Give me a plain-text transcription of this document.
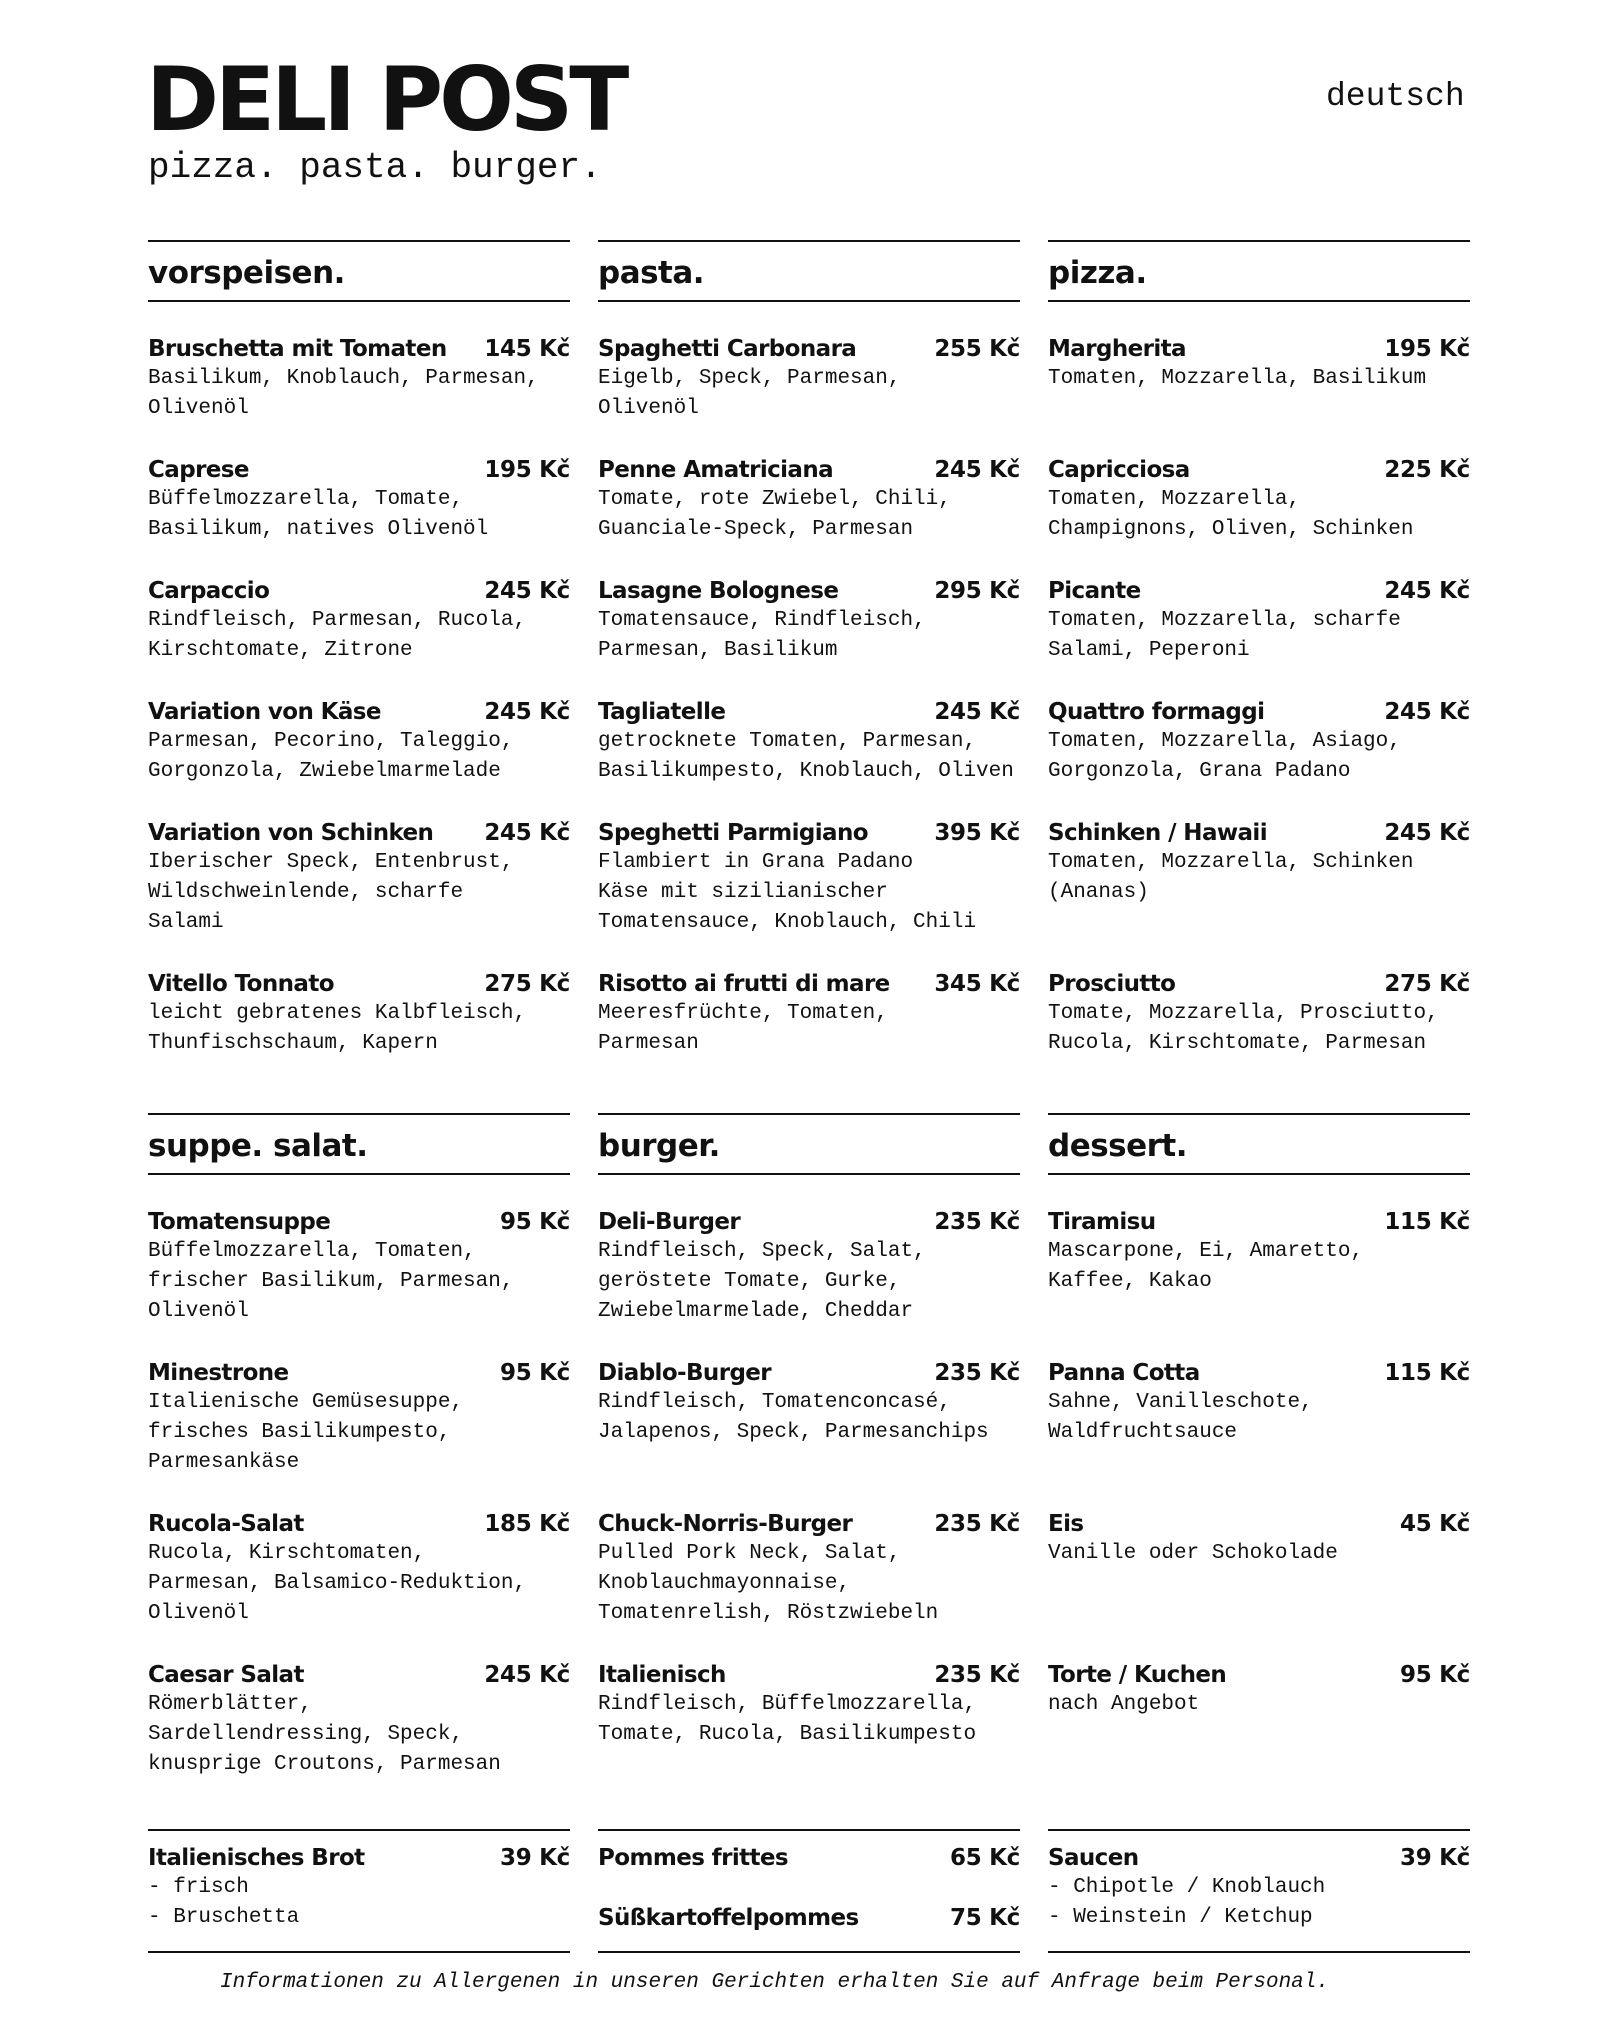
DELI POST
pizza. pasta. burger.
deutsch
vorspeisen.
Bruschetta mit Tomaten 145 Kč

Basilikum, Knoblauch, Parmesan,
Olivenöl

Caprese	195 Kč

Büffelmozzarella, Tomate,
Basilikum, natives Olivenöl

Carpaccio	245 Kč

Rindfleisch, Parmesan, Rucola,
Kirschtomate, Zitrone

Variation von Käse	245 Kč

Parmesan, Pecorino, Taleggio,
Gorgonzola, Zwiebelmarmelade

Variation von Schinken 245 Kč

Iberischer Speck, Entenbrust,
Wildschweinlende, scharfe
Salami

Vitello Tonnato	275 Kč

leicht gebratenes Kalbfleisch,
Thunfischschaum, Kapern

pasta.
Spaghetti Carbonara	255 Kč

Eigelb, Speck, Parmesan,
Olivenöl

Penne Amatriciana	245 Kč

Tomate, rote Zwiebel, Chili,
Guanciale-Speck, Parmesan

Lasagne Bolognese	295 Kč

Tomatensauce, Rindfleisch,
Parmesan, Basilikum

Tagliatelle	245 Kč

getrocknete Tomaten, Parmesan,
Basilikumpesto, Knoblauch, Oliven

Speghetti Parmigiano	395 Kč

Flambiert in Grana Padano
Käse mit sizilianischer
Tomatensauce, Knoblauch, Chili

Risotto ai frutti di mare 345 Kč

Meeresfrüchte, Tomaten,
Parmesan

pizza.
Margherita	195 Kč

Tomaten, Mozzarella, Basilikum

Capricciosa	225 Kč

Tomaten, Mozzarella,
Champignons, Oliven, Schinken

Picante	245 Kč

Tomaten, Mozzarella, scharfe
Salami, Peperoni

Quattro formaggi	245 Kč

Tomaten, Mozzarella, Asiago,
Gorgonzola, Grana Padano

Schinken / Hawaii	245 Kč

Tomaten, Mozzarella, Schinken
(Ananas)

Prosciutto	275 Kč

Tomate, Mozzarella, Prosciutto,
Rucola, Kirschtomate, Parmesan

suppe. salat.
Tomatensuppe	95 Kč

Büffelmozzarella, Tomaten,
frischer Basilikum, Parmesan,
Olivenöl

Minestrone	95 Kč

Italienische Gemüsesuppe,
frisches Basilikumpesto,
Parmesankäse

Rucola-Salat	185 Kč

Rucola, Kirschtomaten,
Parmesan, Balsamico-Reduktion,
Olivenöl

Caesar Salat	245 Kč

Römerblätter,
Sardellendressing, Speck,
knusprige Croutons, Parmesan

burger.
Deli-Burger	235 Kč

Rindfleisch, Speck, Salat,
geröstete Tomate, Gurke,
Zwiebelmarmelade, Cheddar

Diablo-Burger	235 Kč

Rindfleisch, Tomatenconcasé,
Jalapenos, Speck, Parmesanchips

Chuck-Norris-Burger	235 Kč

Pulled Pork Neck, Salat,
Knoblauchmayonnaise,
Tomatenrelish, Röstzwiebeln

Italienisch	235 Kč

Rindfleisch, Büffelmozzarella,
Tomate, Rucola, Basilikumpesto

dessert.
Tiramisu	115 Kč

Mascarpone, Ei, Amaretto,
Kaffee, Kakao

Panna Cotta	115 Kč

Sahne, Vanilleschote,
Waldfruchtsauce

Eis	45 Kč

Vanille oder Schokolade

Torte / Kuchen	95 Kč

nach Angebot

Italienisches Brot	39 Kč

- frisch
- Bruschetta

Pommes frittes	65 Kč
Süßkartoffelpommes	75 Kč
Saucen	39 Kč

- Chipotle / Knoblauch
- Weinstein / Ketchup

Informationen zu Allergenen in unseren Gerichten erhalten Sie auf Anfrage beim Personal.
